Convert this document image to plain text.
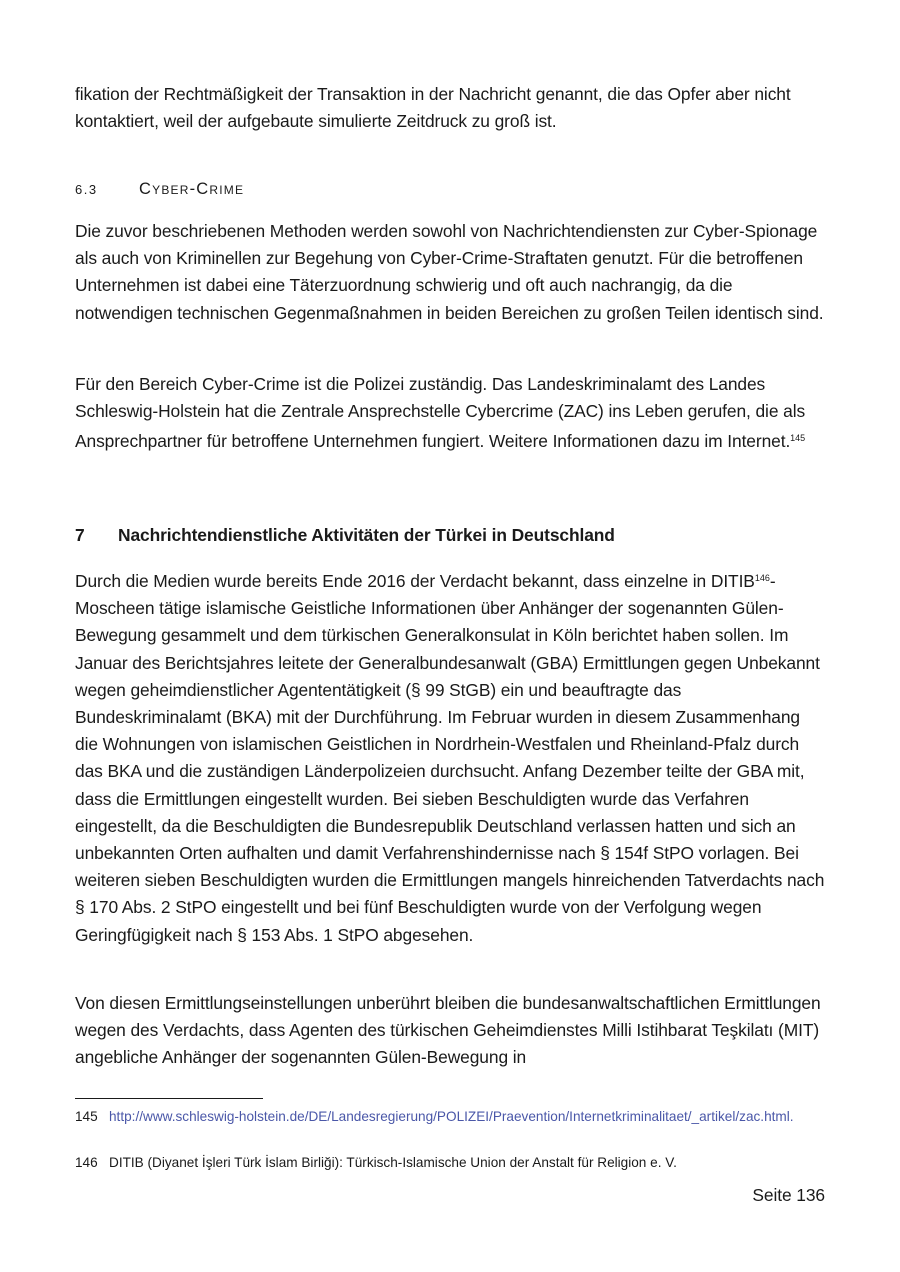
fikation der Rechtmäßigkeit der Transaktion in der Nachricht genannt, die das Opfer aber nicht kontaktiert, weil der aufgebaute simulierte Zeitdruck zu groß ist.

6.3	Cyber-Crime

Die zuvor beschriebenen Methoden werden sowohl von Nachrichtendiensten zur Cyber-Spionage als auch von Kriminellen zur Begehung von Cyber-Crime-Straftaten genutzt. Für die betroffenen Unternehmen ist dabei eine Täterzuordnung schwierig und oft auch nachrangig, da die notwendigen technischen Gegenmaßnahmen in beiden Bereichen zu großen Teilen identisch sind.

Für den Bereich Cyber-Crime ist die Polizei zuständig. Das Landeskriminalamt des Landes Schleswig-Holstein hat die Zentrale Ansprechstelle Cybercrime (ZAC) ins Leben gerufen, die als Ansprechpartner für betroffene Unternehmen fungiert. Weitere Informationen dazu im Internet.$^{145}$

7 Nachrichtendienstliche Aktivitäten der Türkei in Deutschland

Durch die Medien wurde bereits Ende 2016 der Verdacht bekannt, dass einzelne in DITIB$^{146}$-Moscheen tätige islamische Geistliche Informationen über Anhänger der sogenannten Gülen-Bewegung gesammelt und dem türkischen Generalkonsulat in Köln berichtet haben sollen. Im Januar des Berichtsjahres leitete der Generalbundesanwalt (GBA) Ermittlungen gegen Unbekannt wegen geheimdienstlicher Agententätigkeit (§ 99 StGB) ein und beauftragte das Bundeskriminalamt (BKA) mit der Durchführung. Im Februar wurden in diesem Zusammenhang die Wohnungen von islamischen Geistlichen in Nordrhein-Westfalen und Rheinland-Pfalz durch das BKA und die zuständigen Länderpolizeien durchsucht. Anfang Dezember teilte der GBA mit, dass die Ermittlungen eingestellt wurden. Bei sieben Beschuldigten wurde das Verfahren eingestellt, da die Beschuldigten die Bundesrepublik Deutschland verlassen hatten und sich an unbekannten Orten aufhalten und damit Verfahrenshindernisse nach § 154f StPO vorlagen. Bei weiteren sieben Beschuldigten wurden die Ermittlungen mangels hinreichenden Tatverdachts nach § 170 Abs. 2 StPO eingestellt und bei fünf Beschuldigten wurde von der Verfolgung wegen Geringfügigkeit nach § 153 Abs. 1 StPO abgesehen.

Von diesen Ermittlungseinstellungen unberührt bleiben die bundesanwaltschaftlichen Ermittlungen wegen des Verdachts, dass Agenten des türkischen Geheimdienstes Milli Istihbarat Teşkilatı (MIT) angebliche Anhänger der sogenannten Gülen-Bewegung in

145 http://www.schleswig-holstein.de/DE/Landesregierung/POLIZEI/Praevention/Internetkriminalitaet/_artikel/zac.html.
146 DITIB (Diyanet İşleri Türk İslam Birliği): Türkisch-Islamische Union der Anstalt für Religion e. V.
Seite 136
